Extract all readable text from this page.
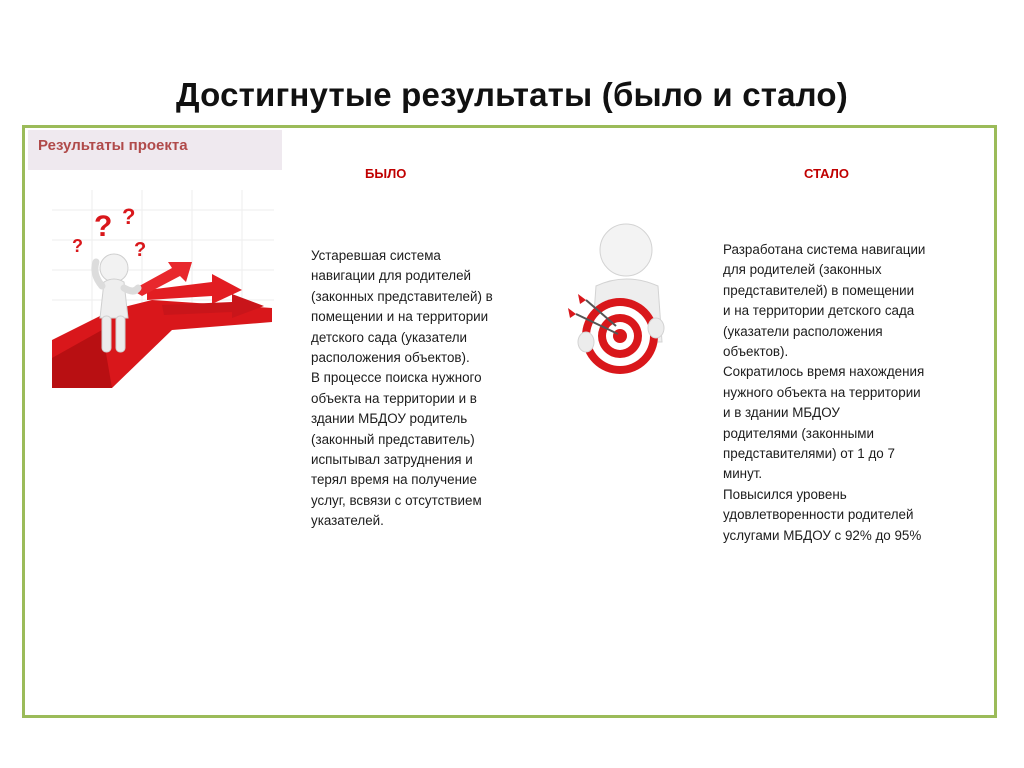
Достигнутые результаты (было и стало)
Результаты проекта
БЫЛО	СТАЛО
? ?
?	?	Устаревшая система
навигации для родителей
(законных представителей) в
помещении и на территории
детского сада (указатели
расположения объектов).
В процессе поиска нужного
объекта на территории и в
здании МБДОУ родитель
(законный представитель)
испытывал затруднения и
терял время на получение
услуг, всвязи с отсутствием
указателей.
Разработана система навигации
для родителей (законных
представителей) в помещении
и на территории детского сада
(указатели расположения
объектов).
Сократилось время нахождения
нужного объекта на территории
и в здании МБДОУ
родителями (законными
представителями) от 1 до 7
минут.
Повысился уровень
удовлетворенности родителей
услугами МБДОУ с 92% до 95%
